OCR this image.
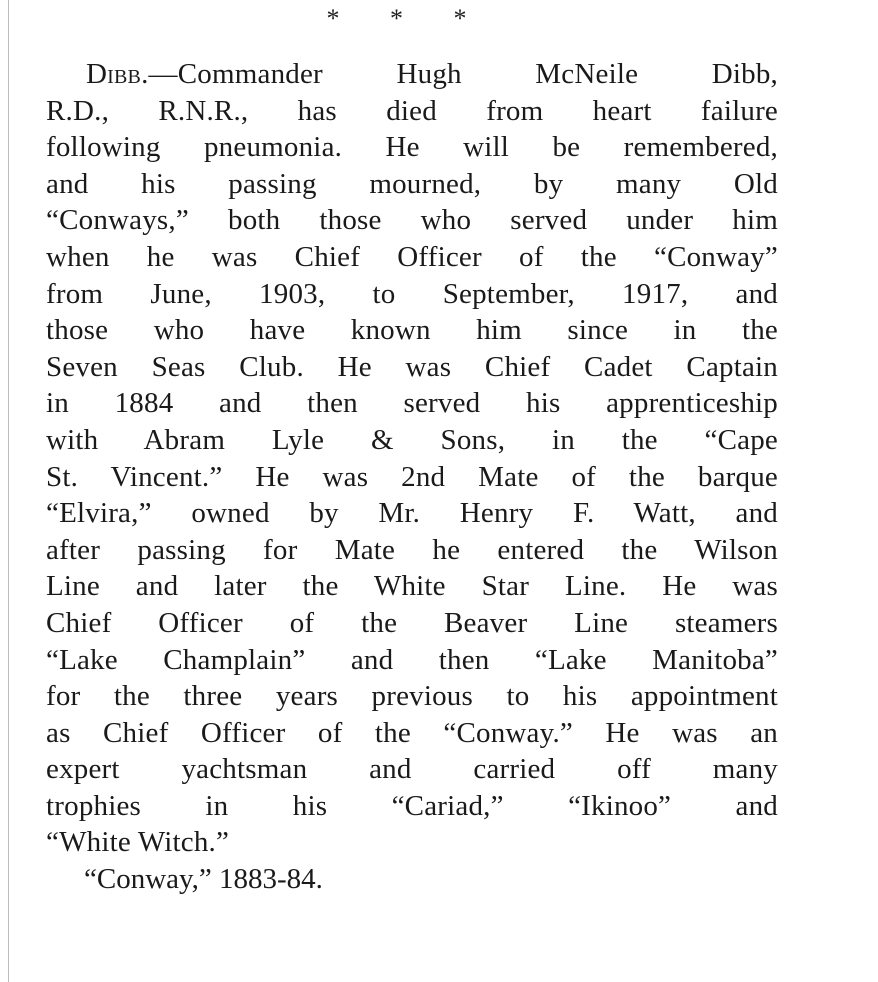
* * *
Dibb.—Commander Hugh McNeile Dibb,
R.D., R.N.R., has died from heart failure
following pneumonia. He will be remembered,
and his passing mourned, by many Old
“Conways,” both those who served under him
when he was Chief Officer of the “Conway”
from June, 1903, to September, 1917, and
those who have known him since in the
Seven Seas Club. He was Chief Cadet Captain
in 1884 and then served his apprenticeship
with Abram Lyle & Sons, in the “Cape
St. Vincent.” He was 2nd Mate of the barque
“Elvira,” owned by Mr. Henry F. Watt, and
after passing for Mate he entered the Wilson
Line and later the White Star Line. He was
Chief Officer of the Beaver Line steamers
“Lake Champlain” and then “Lake Manitoba”
for the three years previous to his appointment
as Chief Officer of the “Conway.” He was an
expert yachtsman and carried off many
trophies in his “Cariad,” “Ikinoo” and
“White Witch.”
“Conway,” 1883-84.
